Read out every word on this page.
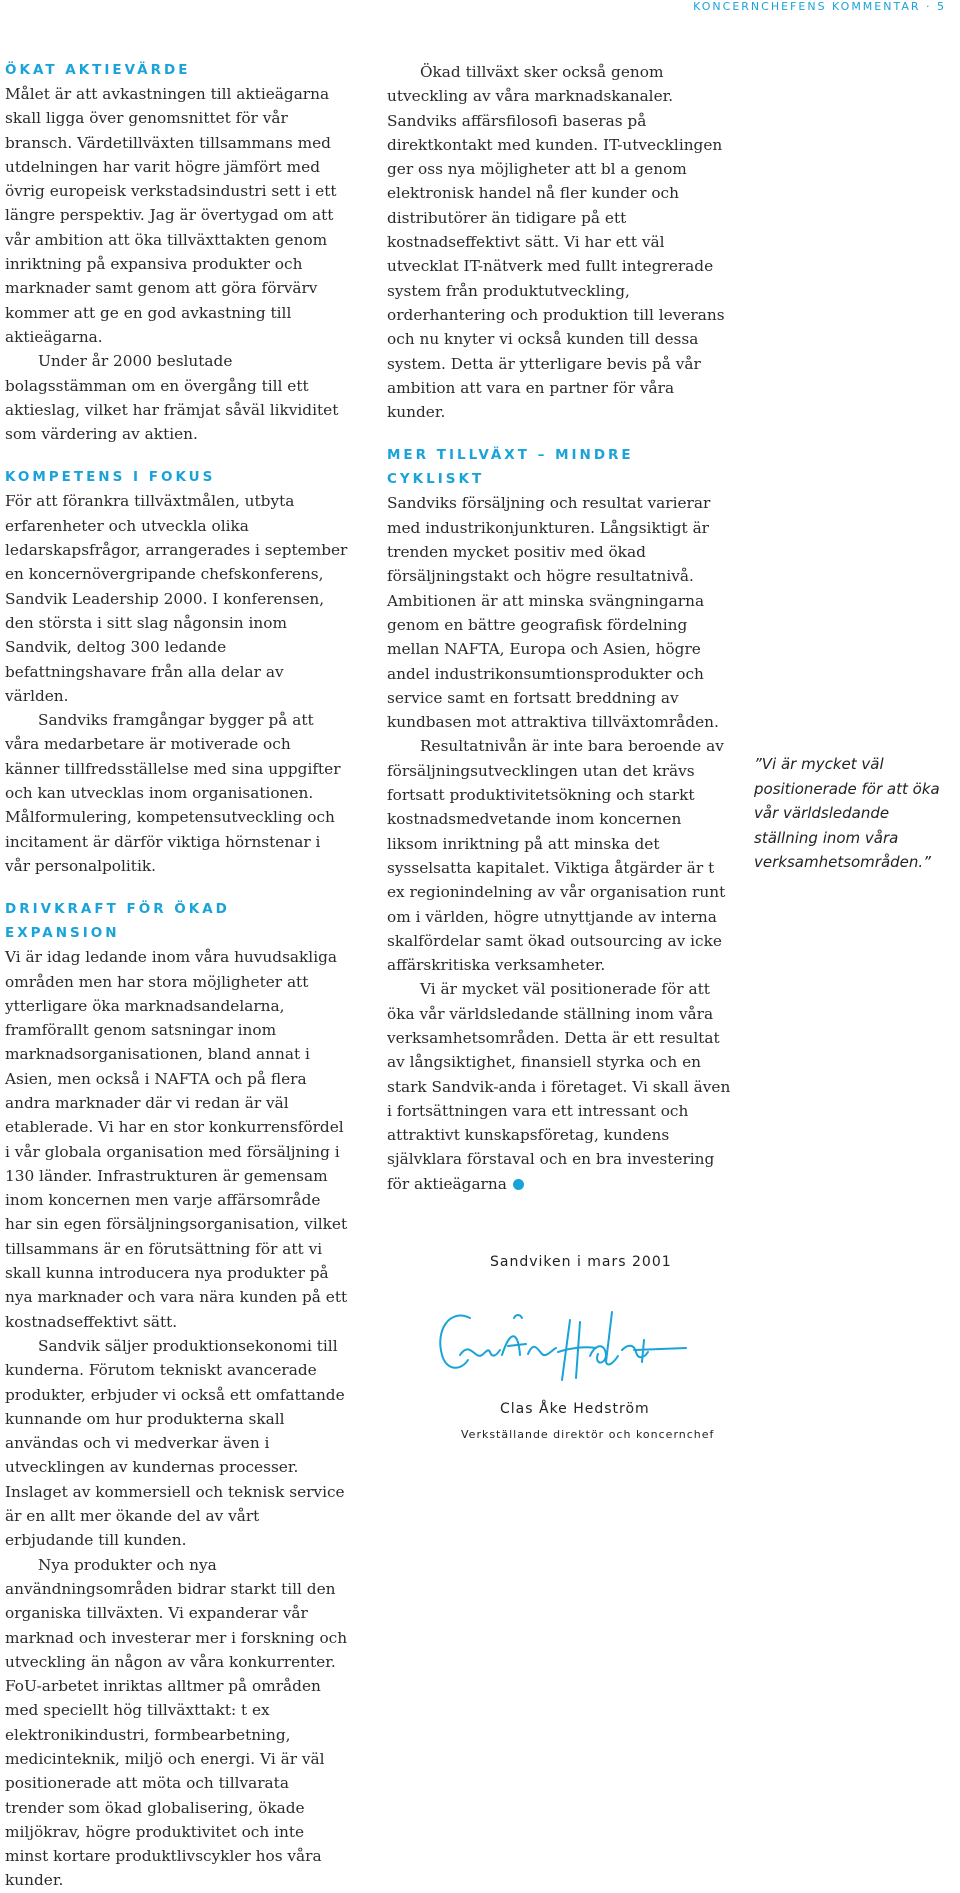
KONCERNCHEFENS KOMMENTAR · 5
ÖKAT AKTIEVÄRDE

Målet är att avkastningen till aktieägarna skall ligga över genomsnittet för vår bransch. Värdetillväxten tillsammans med utdelningen har varit högre jämfört med övrig europeisk verkstadsindustri sett i ett längre perspektiv. Jag är övertygad om att vår ambition att öka tillväxttakten genom inriktning på expansiva produkter och marknader samt genom att göra förvärv kommer att ge en god avkastning till aktieägarna.

Under år 2000 beslutade bolagsstämman om en övergång till ett aktieslag, vilket har främjat såväl likviditet som värdering av aktien.

KOMPETENS I FOKUS

För att förankra tillväxtmålen, utbyta erfarenheter och utveckla olika ledarskapsfrågor, arrangerades i september en koncernövergripande chefskonferens, Sandvik Leadership 2000. I konferensen, den största i sitt slag någonsin inom Sandvik, deltog 300 ledande befattningshavare från alla delar av världen.

Sandviks framgångar bygger på att våra medarbetare är motiverade och känner tillfredsställelse med sina uppgifter och kan utvecklas inom organisationen. Målformulering, kompetensutveckling och incitament är därför viktiga hörnstenar i vår personalpolitik.

DRIVKRAFT FÖR ÖKAD EXPANSION

Vi är idag ledande inom våra huvudsakliga områden men har stora möjligheter att ytterligare öka marknadsandelarna, framförallt genom satsningar inom marknadsorganisationen, bland annat i Asien, men också i NAFTA och på flera andra marknader där vi redan är väl etablerade. Vi har en stor konkurrensfördel i vår globala organisation med försäljning i 130 länder. Infrastrukturen är gemensam inom koncernen men varje affärsområde har sin egen försäljningsorganisation, vilket tillsammans är en förutsättning för att vi skall kunna introducera nya produkter på nya marknader och vara nära kunden på ett kostnadseffektivt sätt.

Sandvik säljer produktionsekonomi till kunderna. Förutom tekniskt avancerade produkter, erbjuder vi också ett omfattande kunnande om hur produkterna skall användas och vi medverkar även i utvecklingen av kundernas processer. Inslaget av kommersiell och teknisk service är en allt mer ökande del av vårt erbjudande till kunden.

Nya produkter och nya användningsområden bidrar starkt till den organiska tillväxten. Vi expanderar vår marknad och investerar mer i forskning och utveckling än någon av våra konkurrenter. FoU-arbetet inriktas alltmer på områden med speciellt hög tillväxttakt: t ex elektronikindustri, formbearbetning, medicinteknik, miljö och energi. Vi är väl positionerade att möta och tillvarata trender som ökad globalisering, ökade miljökrav, högre produktivitet och inte minst kortare produktlivscykler hos våra kunder.

Ökad tillväxt sker också genom utveckling av våra marknadskanaler. Sandviks affärsfilosofi baseras på direktkontakt med kunden. IT-utvecklingen ger oss nya möjligheter att bl a genom elektronisk handel nå fler kunder och distributörer än tidigare på ett kostnadseffektivt sätt. Vi har ett väl utvecklat IT-nätverk med fullt integrerade system från produktutveckling, orderhantering och produktion till leverans och nu knyter vi också kunden till dessa system. Detta är ytterligare bevis på vår ambition att vara en partner för våra kunder.

MER TILLVÄXT – MINDRE CYKLISKT

Sandviks försäljning och resultat varierar med industrikonjunkturen. Långsiktigt är trenden mycket positiv med ökad försäljningstakt och högre resultatnivå. Ambitionen är att minska svängningarna genom en bättre geografisk fördelning mellan NAFTA, Europa och Asien, högre andel industrikonsumtionsprodukter och service samt en fortsatt breddning av kundbasen mot attraktiva tillväxtområden.

Resultatnivån är inte bara beroende av försäljningsutvecklingen utan det krävs fortsatt produktivitetsökning och starkt kostnadsmedvetande inom koncernen liksom inriktning på att minska det sysselsatta kapitalet. Viktiga åtgärder är t ex regionindelning av vår organisation runt om i världen, högre utnyttjande av interna skalfördelar samt ökad outsourcing av icke affärskritiska verksamheter.

Vi är mycket väl positionerade för att öka vår världsledande ställning inom våra verksamhetsområden. Detta är ett resultat av långsiktighet, finansiell styrka och en stark Sandvik-anda i företaget. Vi skall även i fortsättningen vara ett intressant och attraktivt kunskapsföretag, kundens självklara förstaval och en bra investering för aktieägarna

”Vi är mycket väl positionerade för att öka vår världsledande ställning inom våra verksamhetsområden.”
Sandviken i mars 2001
Clas Åke Hedström
Verkställande direktör och koncernchef
